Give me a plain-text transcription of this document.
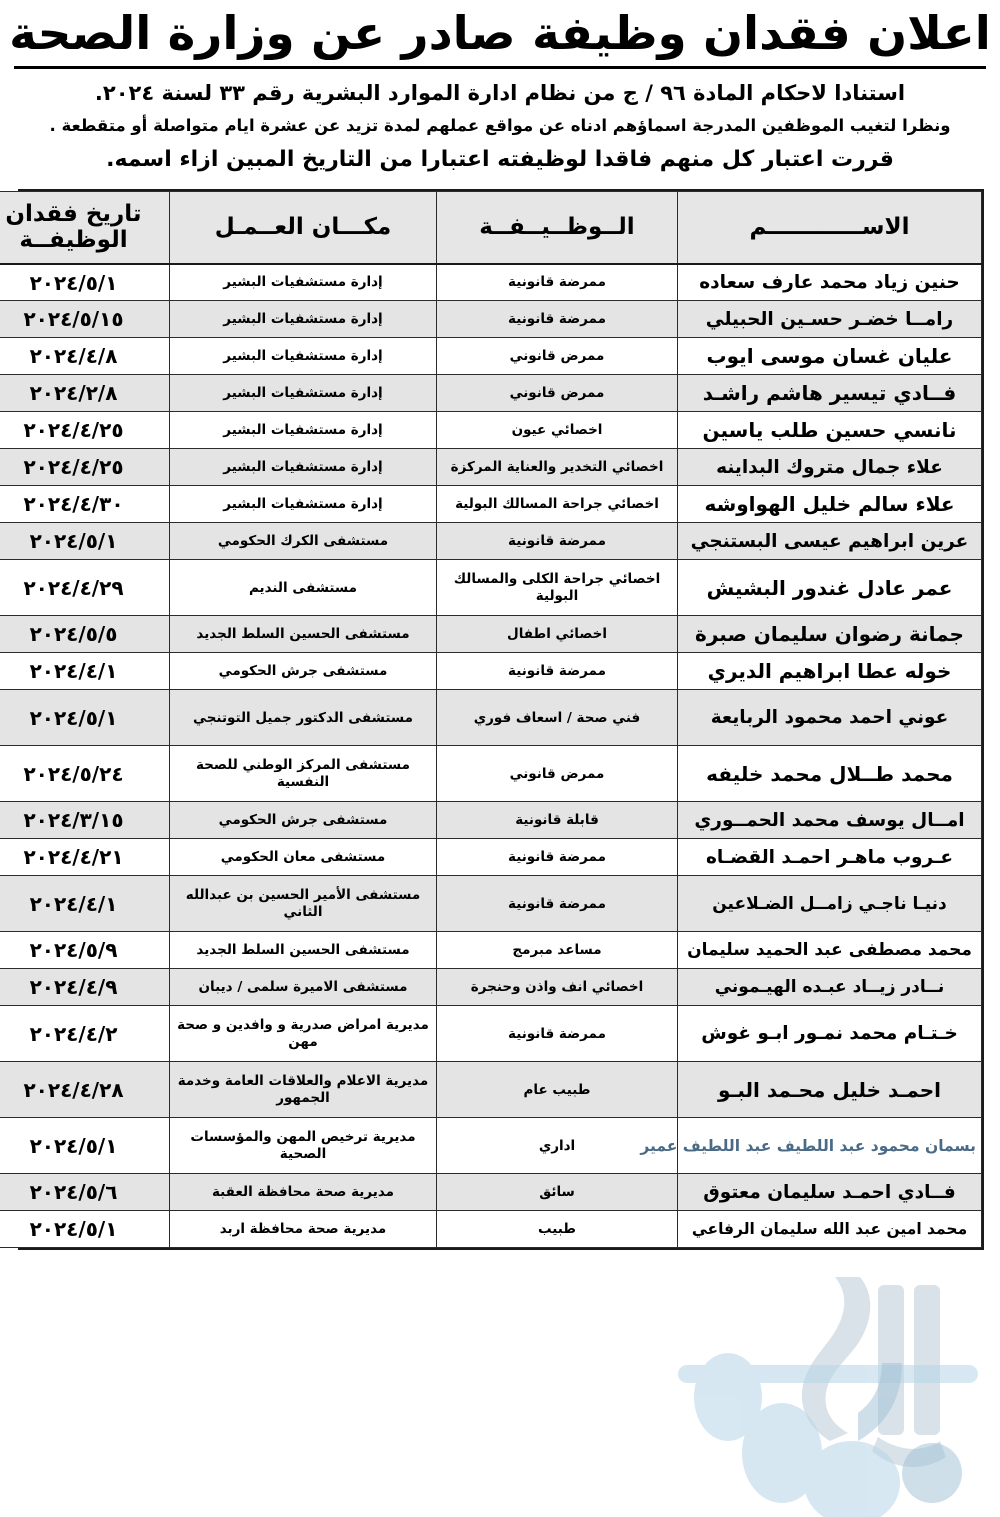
اعلان فقدان وظيفة صادر عن وزارة الصحة
استنادا لاحكام المادة ٩٦ / ج من نظام ادارة الموارد البشرية رقم ٣٣ لسنة ٢٠٢٤.
ونظرا لتغيب الموظفين المدرجة اسماؤهم ادناه عن مواقع عملهم لمدة تزيد عن عشرة ايام متواصلة أو متقطعة .
قررت اعتبار كل منهم فاقدا لوظيفته اعتبارا من التاريخ المبين ازاء اسمه.
الاســــــــــــم	الــوظــيــفــة	مكـــان العــمـل	تاريخ فقدان الوظيفــة
حنين زياد محمد عارف سعاده	ممرضة قانونية	إدارة مستشفيات البشير	٢٠٢٤/٥/١
رامــا خضـر حسـين الحبيلي	ممرضة قانونية	إدارة مستشفيات البشير	٢٠٢٤/٥/١٥
عليان غسان موسى ايوب	ممرض قانوني	إدارة مستشفيات البشير	٢٠٢٤/٤/٨
فــادي تيسير هاشم راشـد	ممرض قانوني	إدارة مستشفيات البشير	٢٠٢٤/٢/٨
نانسي حسين طلب ياسين	اخصائي عيون	إدارة مستشفيات البشير	٢٠٢٤/٤/٢٥
علاء جمال متروك البداينه	اخصائي التخدير والعناية المركزة	إدارة مستشفيات البشير	٢٠٢٤/٤/٢٥
علاء سالم خليل الهواوشه	اخصائي جراحة المسالك البولية	إدارة مستشفيات البشير	٢٠٢٤/٤/٣٠
عرين ابراهيم عيسى البستنجي	ممرضة قانونية	مستشفى الكرك الحكومي	٢٠٢٤/٥/١
عمر عادل غندور البشيش	اخصائي جراحة الكلى والمسالك البولية	مستشفى النديم	٢٠٢٤/٤/٢٩
جمانة رضوان سليمان صبرة	اخصائي اطفال	مستشفى الحسين السلط الجديد	٢٠٢٤/٥/٥
خوله عطا ابراهيم الديري	ممرضة قانونية	مستشفى جرش الحكومي	٢٠٢٤/٤/١
عوني احمد محمود الربايعة	فني صحة / اسعاف فوري	مستشفى الدكتور جميل التوتنجي	٢٠٢٤/٥/١
محمد طــلال محمد خليفه	ممرض قانوني	مستشفى المركز الوطني للصحة النفسية	٢٠٢٤/٥/٢٤
امــال يوسف محمد الحمــوري	قابلة قانونية	مستشفى جرش الحكومي	٢٠٢٤/٣/١٥
عـروب ماهـر احمـد القضـاه	ممرضة قانونية	مستشفى معان الحكومي	٢٠٢٤/٤/٢١
دنيـا ناجـي زامــل الضـلاعين	ممرضة قانونية	مستشفى الأمير الحسين بن عبدالله الثاني	٢٠٢٤/٤/١
محمد مصطفى عبد الحميد سليمان	مساعد مبرمج	مستشفى الحسين السلط الجديد	٢٠٢٤/٥/٩
نــادر زيــاد عبـده الهيـموني	اخصائي انف واذن وحنجرة	مستشفى الاميرة سلمى / ديبان	٢٠٢٤/٤/٩
خـتـام محمد نمـور ابـو غوش	ممرضة قانونية	مديرية امراض صدرية و وافدين و صحة مهن	٢٠٢٤/٤/٢
احمـد خليل محـمد البـو	طبيب عام	مديرية الاعلام والعلاقات العامة وخدمة الجمهور	٢٠٢٤/٤/٢٨
بسمان محمود عبد اللطيف عبد اللطيف عمير	اداري	مديرية ترخيص المهن والمؤسسات الصحية	٢٠٢٤/٥/١
فــادي احمـد سليمان معتوق	سائق	مديرية صحة محافظة العقبة	٢٠٢٤/٥/٦
محمد امين عبد الله سليمان الرفاعي	طبيب	مديرية صحة محافظة اربد	٢٠٢٤/٥/١
